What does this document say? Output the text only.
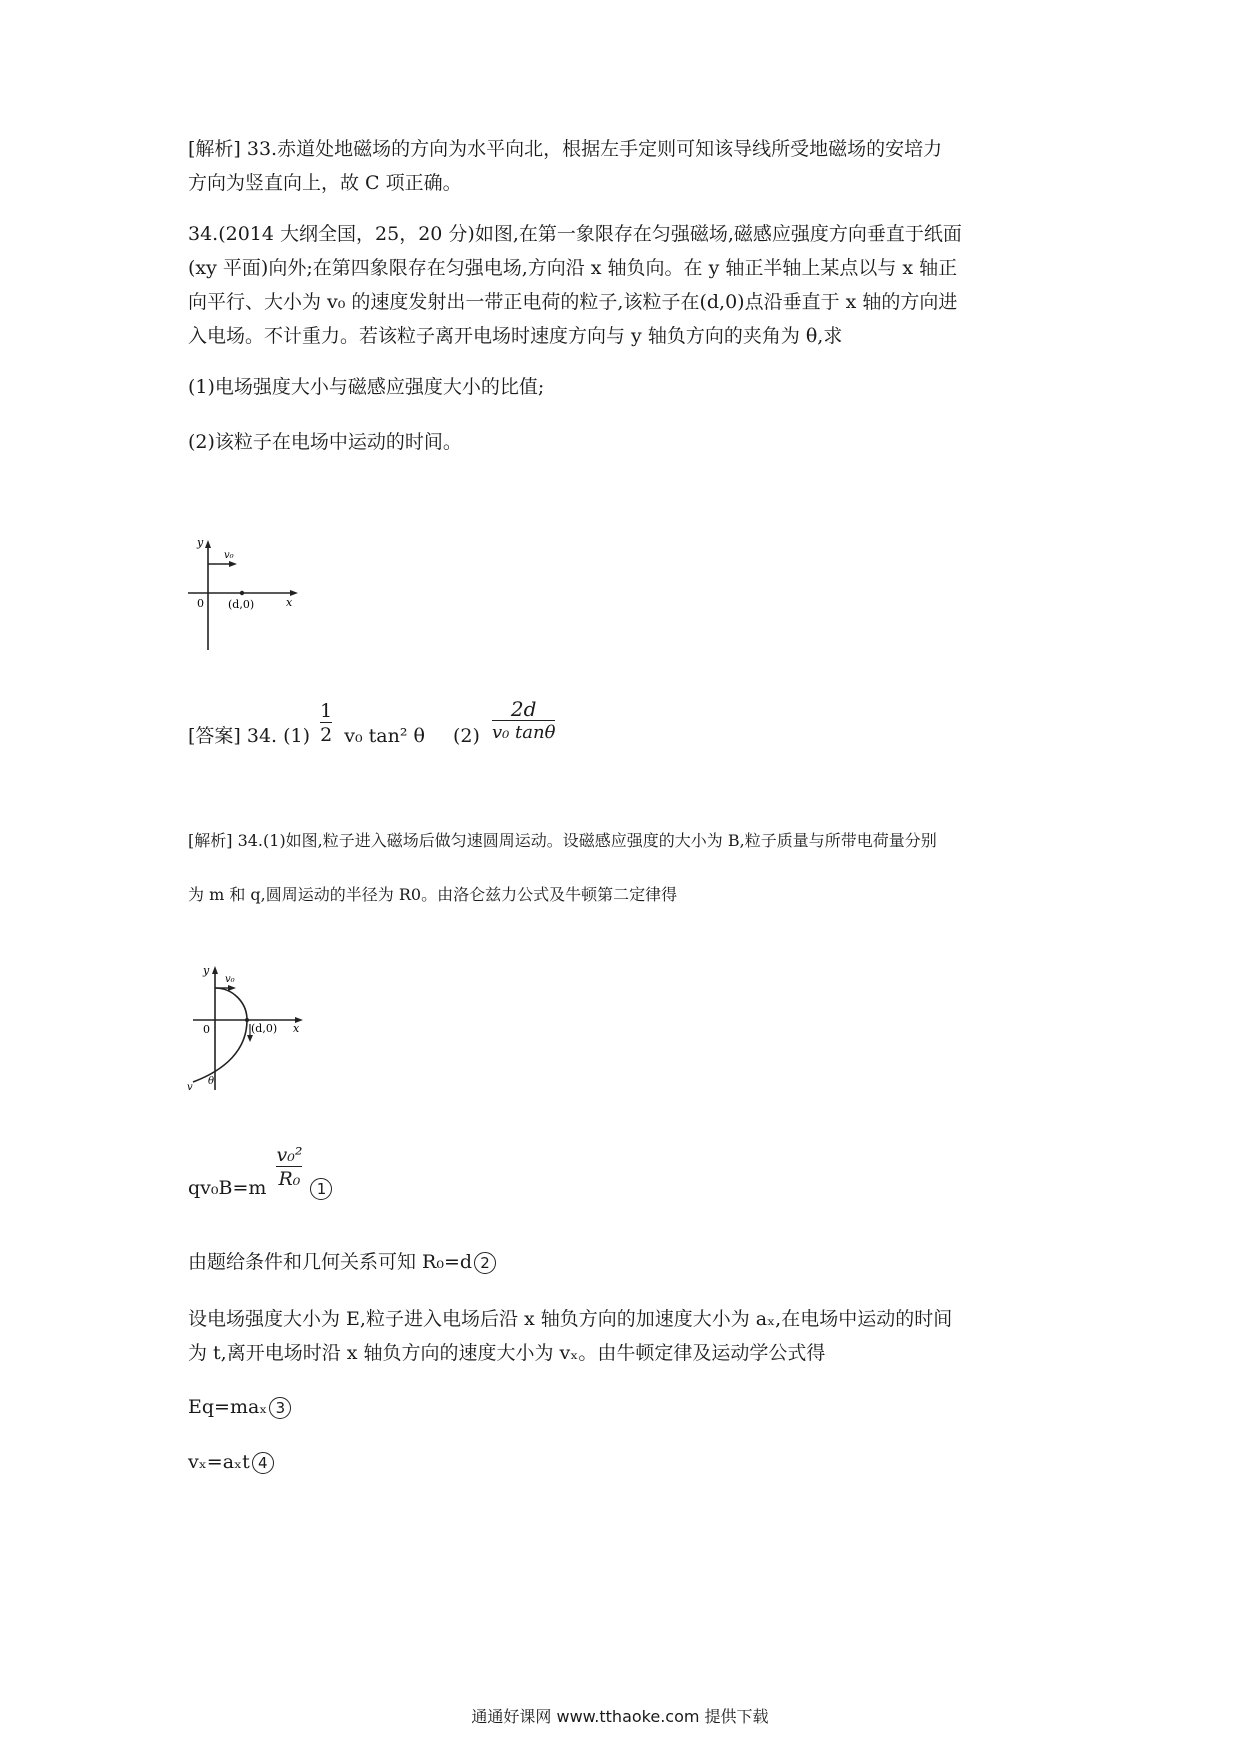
[解析] 33.赤道处地磁场的方向为水平向北，根据左手定则可知该导线所受地磁场的安培力
方向为竖直向上，故 C 项正确。
34.(2014 大纲全国，25，20 分)如图,在第一象限存在匀强磁场,磁感应强度方向垂直于纸面
(xy 平面)向外;在第四象限存在匀强电场,方向沿 x 轴负向。在 y 轴正半轴上某点以与 x 轴正
向平行、大小为 v₀ 的速度发射出一带正电荷的粒子,该粒子在(d,0)点沿垂直于 x 轴的方向进
入电场。不计重力。若该粒子离开电场时速度方向与 y 轴负方向的夹角为 θ,求
(1)电场强度大小与磁感应强度大小的比值;
(2)该粒子在电场中运动的时间。
y
v₀
0 (d,0)	x
[答案] 34. $(1) \frac{1}{2} v_0$ tan² θ $(2) \frac{2d}{\text{v₀ tanθ}}$
[解析] 34.(1)如图,粒子进入磁场后做匀速圆周运动。设磁感应强度的大小为 B,粒子质量与所带电荷量分别
为 m 和 q,圆周运动的半径为 R0。由洛仑兹力公式及牛顿第二定律得
y
v₀
0	(d,0) x
v
θ
$qv_0B=m \frac{\text{v₀²}}{\text{R₀}} 1$
由题给条件和几何关系可知 R₀=d 2
设电场强度大小为 E,粒子进入电场后沿 x 轴负方向的加速度大小为 aₓ,在电场中运动的时间
为 t,离开电场时沿 x 轴负方向的速度大小为 vₓ。由牛顿定律及运动学公式得
Eq=maₓ 3
vₓ=aₓt 4
通通好课网 www.tthaoke.com 提供下载
